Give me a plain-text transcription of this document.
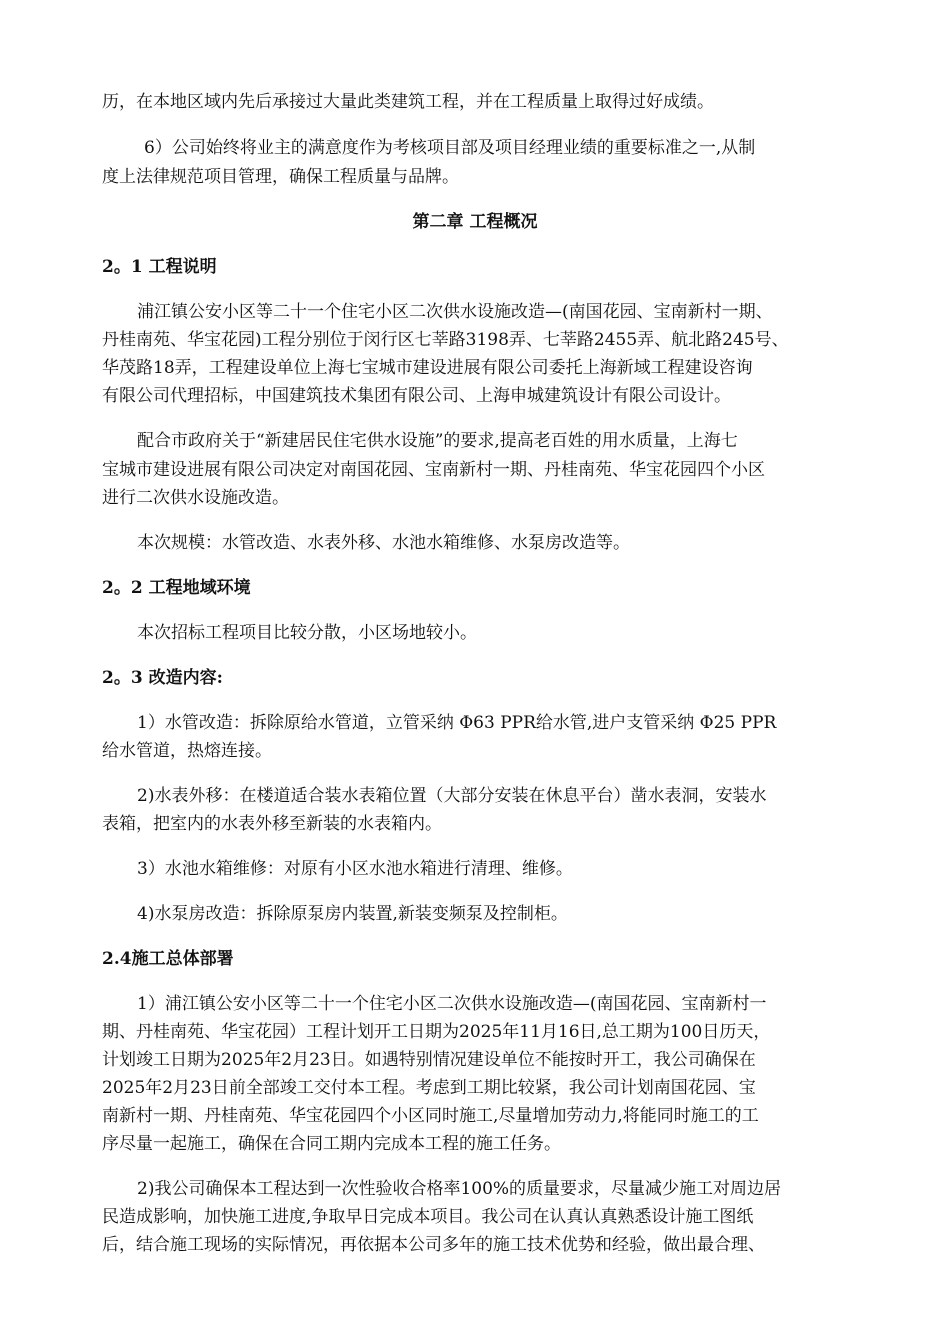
历，在本地区域内先后承接过大量此类建筑工程，并在工程质量上取得过好成绩。
6）公司始终将业主的满意度作为考核项目部及项目经理业绩的重要标准之一,从制
度上法律规范项目管理，确保工程质量与品牌。
第二章 工程概况
2。1 工程说明
浦江镇公安小区等二十一个住宅小区二次供水设施改造—(南国花园、宝南新村一期、
丹桂南苑、华宝花园)工程分别位于闵行区七莘路3198弄、七莘路2455弄、航北路245号、
华茂路18弄，工程建设单位上海七宝城市建设进展有限公司委托上海新域工程建设咨询
有限公司代理招标，中国建筑技术集团有限公司、上海申城建筑设计有限公司设计。
配合市政府关于“新建居民住宅供水设施”的要求,提高老百姓的用水质量，上海七
宝城市建设进展有限公司决定对南国花园、宝南新村一期、丹桂南苑、华宝花园四个小区
进行二次供水设施改造。
本次规模：水管改造、水表外移、水池水箱维修、水泵房改造等。
2。2 工程地域环境
本次招标工程项目比较分散，小区场地较小。
2。3 改造内容:
1）水管改造：拆除原给水管道，立管采纳 Φ63 PPR给水管,进户支管采纳 Φ25 PPR
给水管道，热熔连接。
2)水表外移：在楼道适合装水表箱位置（大部分安装在休息平台）凿水表洞，安装水
表箱，把室内的水表外移至新装的水表箱内。
3）水池水箱维修：对原有小区水池水箱进行清理、维修。
4)水泵房改造：拆除原泵房内装置,新装变频泵及控制柜。
2.4施工总体部署
1）浦江镇公安小区等二十一个住宅小区二次供水设施改造—(南国花园、宝南新村一
期、丹桂南苑、华宝花园）工程计划开工日期为2025年11月16日,总工期为100日历天，
计划竣工日期为2025年2月23日。如遇特别情况建设单位不能按时开工，我公司确保在
2025年2月23日前全部竣工交付本工程。考虑到工期比较紧，我公司计划南国花园、宝
南新村一期、丹桂南苑、华宝花园四个小区同时施工,尽量增加劳动力,将能同时施工的工
序尽量一起施工，确保在合同工期内完成本工程的施工任务。
2)我公司确保本工程达到一次性验收合格率100%的质量要求，尽量减少施工对周边居
民造成影响，加快施工进度,争取早日完成本项目。我公司在认真认真熟悉设计施工图纸
后，结合施工现场的实际情况，再依据本公司多年的施工技术优势和经验，做出最合理、
